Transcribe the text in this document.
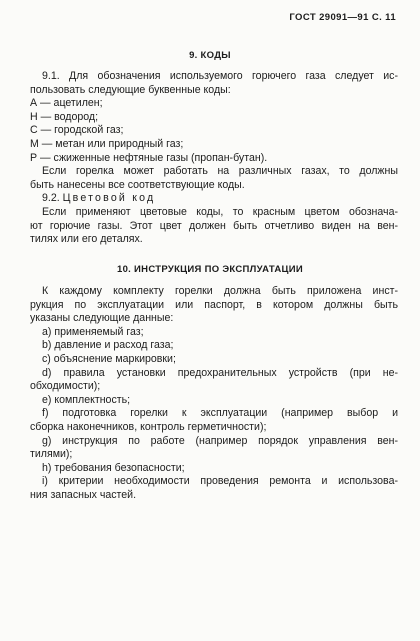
ГОСТ 29091—91 С. 11
9. КОДЫ
9.1. Для обозначения используемого горючего газа следует ис-
пользовать следующие буквенные коды:
А — ацетилен;
Н — водород;
С — городской газ;
М — метан или природный газ;
Р — сжиженные нефтяные газы (пропан-бутан).
Если горелка может работать на различных газах, то должны
быть нанесены все соответствующие коды.
9.2. Цветовой код
Если применяют цветовые коды, то красным цветом обознача-
ют горючие газы. Этот цвет должен быть отчетливо виден на вен-
тилях или его деталях.
10. ИНСТРУКЦИЯ ПО ЭКСПЛУАТАЦИИ
К каждому комплекту горелки должна быть приложена инст-
рукция по эксплуатации или паспорт, в котором должны быть
указаны следующие данные:
а) применяемый газ;
b) давление и расход газа;
с) объяснение маркировки;
d) правила установки предохранительных устройств (при не-
обходимости);
е) комплектность;
f) подготовка горелки к эксплуатации (например выбор и
сборка наконечников, контроль герметичности);
g) инструкция по работе (например порядок управления вен-
тилями);
h) требования безопасности;
i) критерии необходимости проведения ремонта и использова-
ния запасных частей.
